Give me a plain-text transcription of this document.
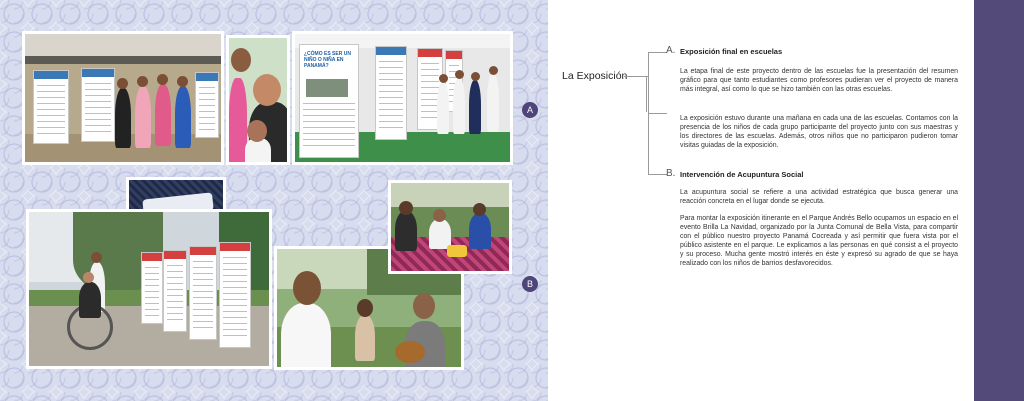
¿CÓMO ES SER UN NIÑO O NIÑA EN PANAMÁ?
A
B
La Exposición
A. Exposición final en escuelas

La etapa final de este proyecto dentro de las escuelas fue la presentación del resumen gráfico para que tanto estudiantes como profesores pudieran ver el proyecto de manera más integral, así como lo que se hizo también con las otras escuelas.

La exposición estuvo durante una mañana en cada una de las escuelas. Contamos con la presencia de los niños de cada grupo participante del proyecto junto con sus maestras y los directores de las escuelas. Además, otros niños que no participaron pudieron tomar visitas guiadas de la exposición.

B. Intervención de Acupuntura Social

La acupuntura social se refiere a una actividad estratégica que busca generar una reacción concreta en el lugar donde se ejecuta.

Para montar la exposición itinerante en el Parque Andrés Bello ocupamos un espacio en el evento Brilla La Navidad, organizado por la Junta Comunal de Bella Vista, para compartir con el público nuestro proyecto Panamá Cocreada y así permitir que fuera vista por el público asistente en el parque. Le explicamos a las personas en qué consist a el proyecto y su proceso. Mucha gente mostró interés en éste y expresó su agrado de que se haya realizado con los niños de barrios desfavorecidos.
